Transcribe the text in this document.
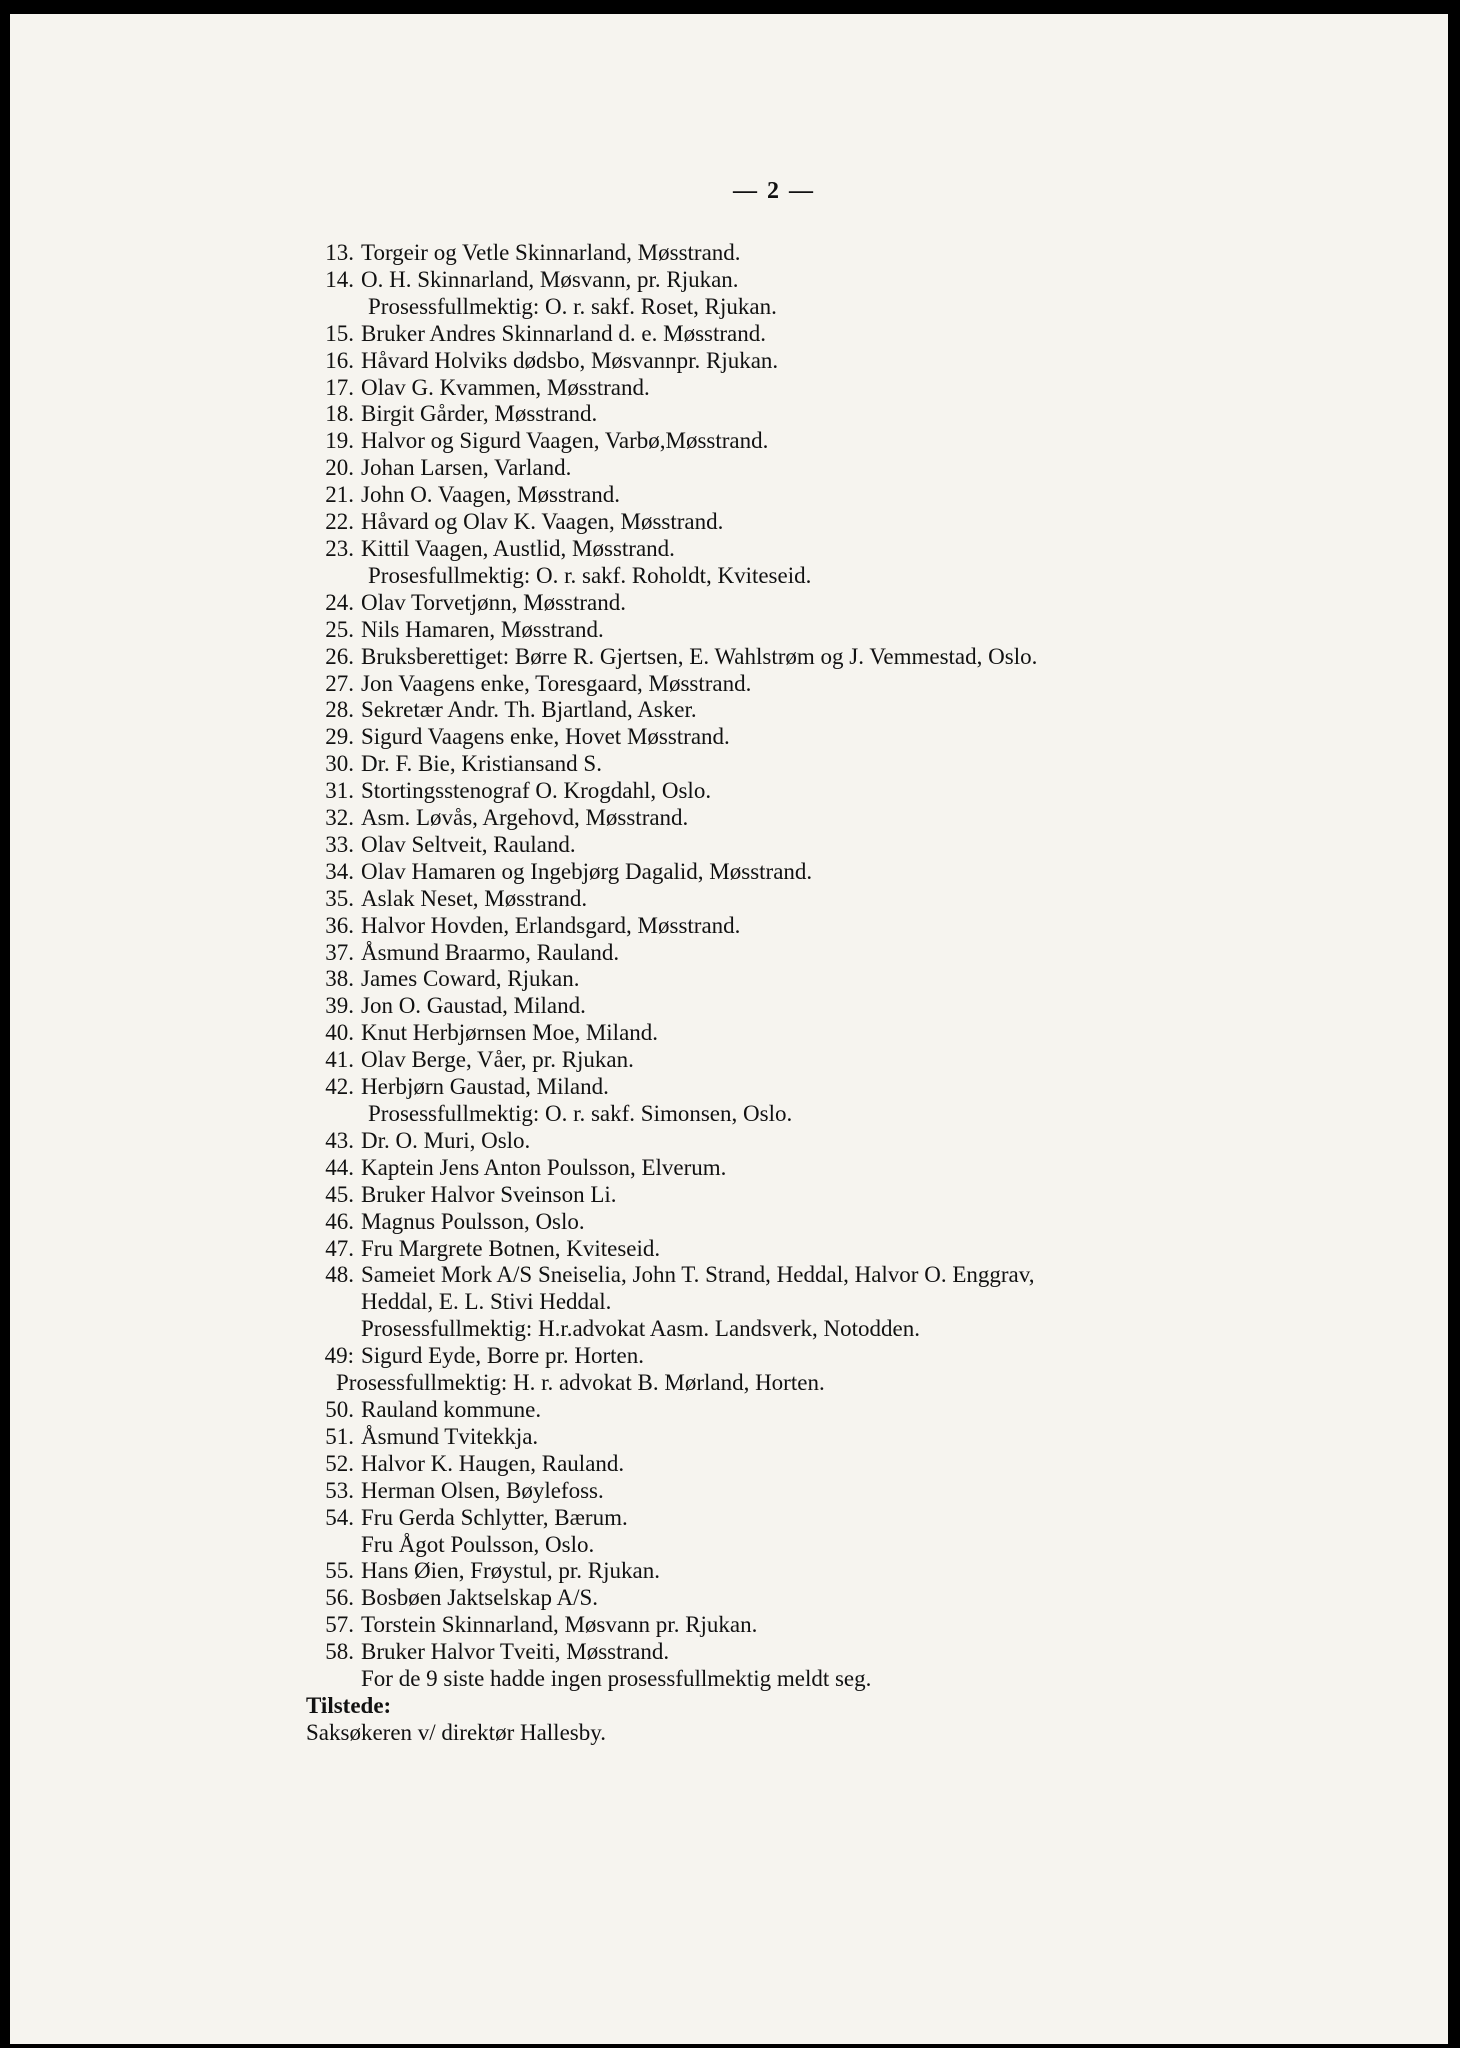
— 2 —
13. Torgeir og Vetle Skinnarland, Møsstrand.
14. O. H. Skinnarland, Møsvann, pr. Rjukan.
Prosessfullmektig: O. r. sakf. Roset, Rjukan.
15. Bruker Andres Skinnarland d. e. Møsstrand.
16. Håvard Holviks dødsbo, Møsvannpr. Rjukan.
17. Olav G. Kvammen, Møsstrand.
18. Birgit Gårder, Møsstrand.
19. Halvor og Sigurd Vaagen, Varbø,Møsstrand.
20. Johan Larsen, Varland.
21. John O. Vaagen, Møsstrand.
22. Håvard og Olav K. Vaagen, Møsstrand.
23. Kittil Vaagen, Austlid, Møsstrand.
Prosesfullmektig: O. r. sakf. Roholdt, Kviteseid.
24. Olav Torvetjønn, Møsstrand.
25. Nils Hamaren, Møsstrand.
26. Bruksberettiget: Børre R. Gjertsen, E. Wahlstrøm og J. Vemmestad, Oslo.
27. Jon Vaagens enke, Toresgaard, Møsstrand.
28. Sekretær Andr. Th. Bjartland, Asker.
29. Sigurd Vaagens enke, Hovet Møsstrand.
30. Dr. F. Bie, Kristiansand S.
31. Stortingsstenograf O. Krogdahl, Oslo.
32. Asm. Løvås, Argehovd, Møsstrand.
33. Olav Seltveit, Rauland.
34. Olav Hamaren og Ingebjørg Dagalid, Møsstrand.
35. Aslak Neset, Møsstrand.
36. Halvor Hovden, Erlandsgard, Møsstrand.
37. Åsmund Braarmo, Rauland.
38. James Coward, Rjukan.
39. Jon O. Gaustad, Miland.
40. Knut Herbjørnsen Moe, Miland.
41. Olav Berge, Våer, pr. Rjukan.
42. Herbjørn Gaustad, Miland.
Prosessfullmektig: O. r. sakf. Simonsen, Oslo.
43. Dr. O. Muri, Oslo.
44. Kaptein Jens Anton Poulsson, Elverum.
45. Bruker Halvor Sveinson Li.
46. Magnus Poulsson, Oslo.
47. Fru Margrete Botnen, Kviteseid.
48. Sameiet Mork A/S Sneiselia, John T. Strand, Heddal, Halvor O. Enggrav,
Heddal, E. L. Stivi Heddal.
Prosessfullmektig: H.r.advokat Aasm. Landsverk, Notodden.
49: Sigurd Eyde, Borre pr. Horten.
Prosessfullmektig: H. r. advokat B. Mørland, Horten.
50. Rauland kommune.
51. Åsmund Tvitekkja.
52. Halvor K. Haugen, Rauland.
53. Herman Olsen, Bøylefoss.
54. Fru Gerda Schlytter, Bærum.
Fru Ågot Poulsson, Oslo.
55. Hans Øien, Frøystul, pr. Rjukan.
56. Bosbøen Jaktselskap A/S.
57. Torstein Skinnarland, Møsvann pr. Rjukan.
58. Bruker Halvor Tveiti, Møsstrand.
For de 9 siste hadde ingen prosessfullmektig meldt seg.
Tilstede:
Saksøkeren v/ direktør Hallesby.
